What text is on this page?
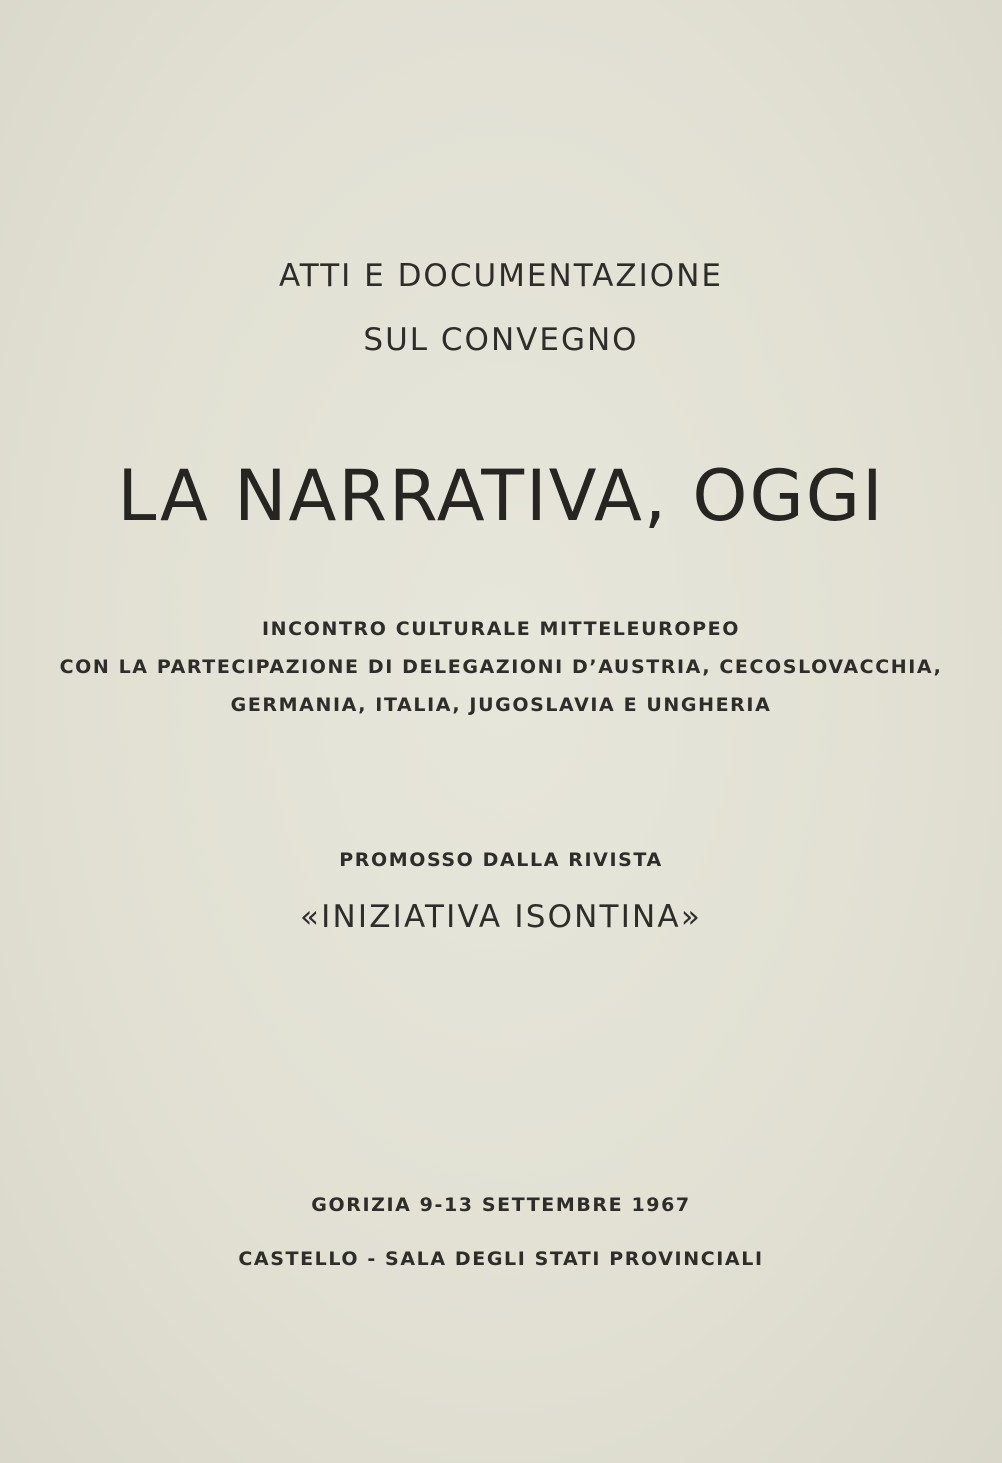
ATTI E DOCUMENTAZIONE
SUL CONVEGNO
LA NARRATIVA, OGGI
INCONTRO CULTURALE MITTELEUROPEO
CON LA PARTECIPAZIONE DI DELEGAZIONI D’AUSTRIA, CECOSLOVACCHIA,
GERMANIA, ITALIA, JUGOSLAVIA E UNGHERIA
PROMOSSO DALLA RIVISTA
«INIZIATIVA ISONTINA»
GORIZIA 9-13 SETTEMBRE 1967
CASTELLO - SALA DEGLI STATI PROVINCIALI
